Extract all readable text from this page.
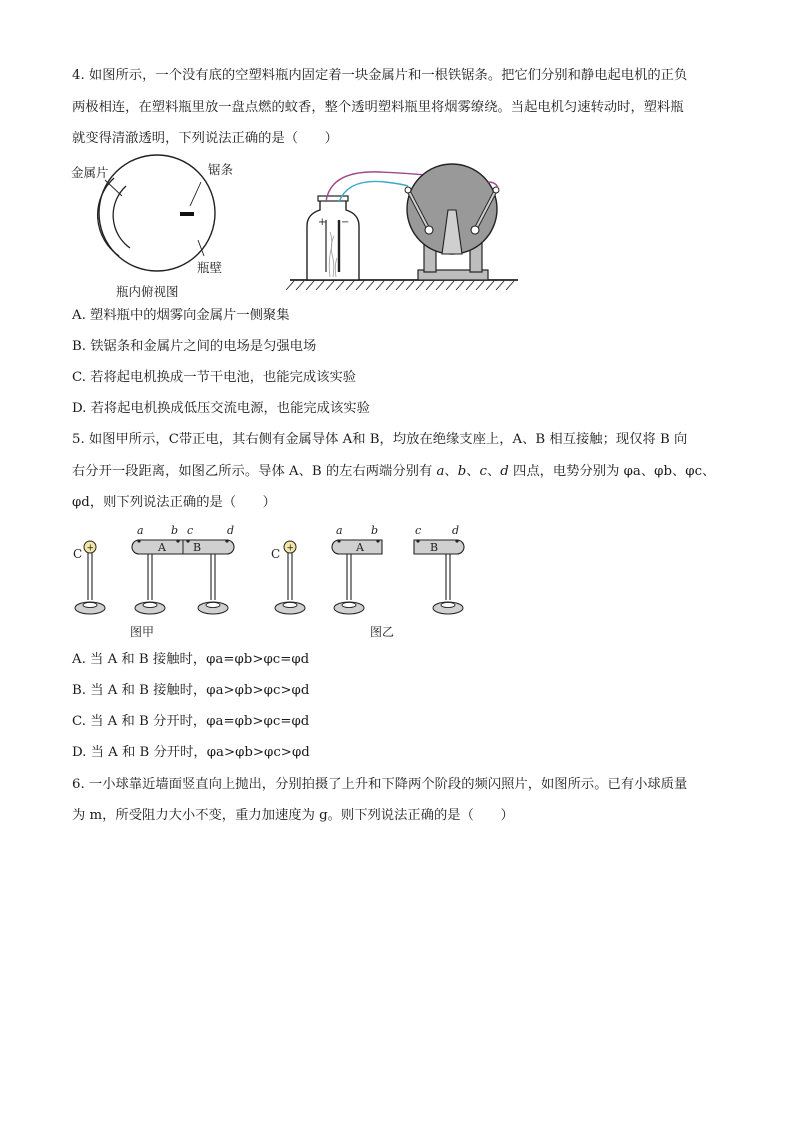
4. 如图所示，一个没有底的空塑料瓶内固定着一块金属片和一根铁锯条。把它们分别和静电起电机的正负
两极相连，在塑料瓶里放一盘点燃的蚊香，整个透明塑料瓶里将烟雾缭绕。当起电机匀速转动时，塑料瓶
就变得清澈透明，下列说法正确的是（　　）
金属片	锯条
瓶壁
瓶内俯视图
+ −
A. 塑料瓶中的烟雾向金属片一侧聚集
B. 铁锯条和金属片之间的电场是匀强电场
C. 若将起电机换成一节干电池，也能完成该实验
D. 若将起电机换成低压交流电源，也能完成该实验
5. 如图甲所示，C带正电，其右侧有金属导体 A和 B，均放在绝缘支座上，A、B 相互接触；现仅将 B 向
右分开一段距离，如图乙所示。导体 A、B 的左右两端分别有 a、b、c、d 四点，电势分别为 φa、φb、φc、
φd，则下列说法正确的是（　　）
+
C	A B
a b c	d
+
C	A
a	b
B
c	d
图甲	图乙
A. 当 A 和 B 接触时，φa=φb>φc=φd
B. 当 A 和 B 接触时，φa>φb>φc>φd
C. 当 A 和 B 分开时，φa=φb>φc=φd
D. 当 A 和 B 分开时，φa>φb>φc>φd
6. 一小球靠近墙面竖直向上抛出，分别拍摄了上升和下降两个阶段的频闪照片，如图所示。已有小球质量
为 m，所受阻力大小不变，重力加速度为 g。则下列说法正确的是（　　）
